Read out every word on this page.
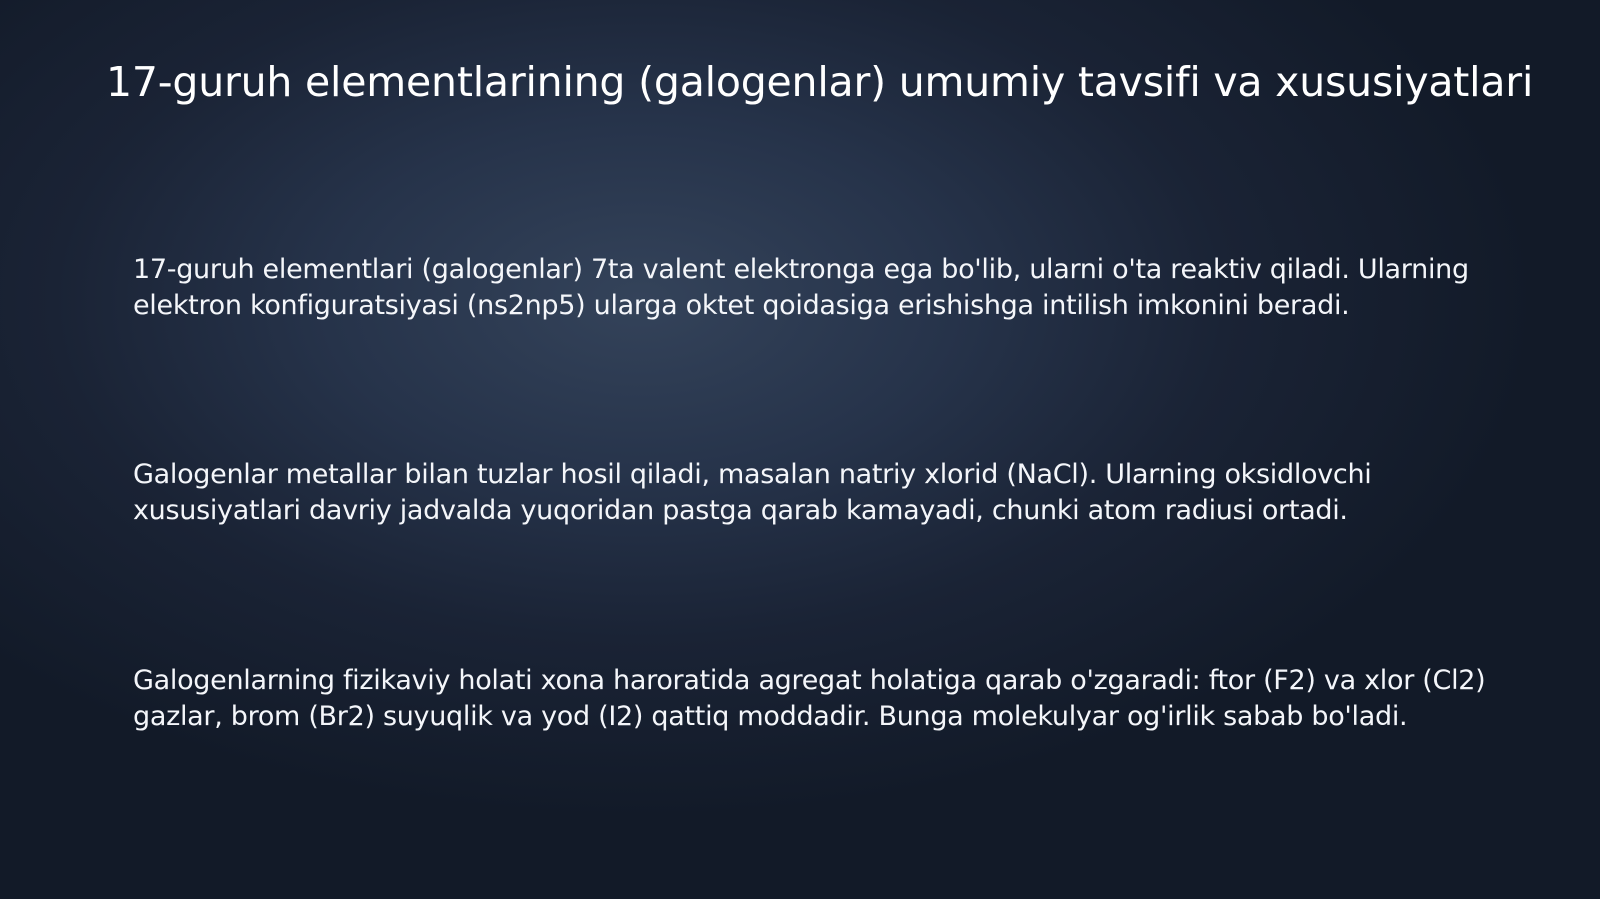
17-guruh elementlarining (galogenlar) umumiy tavsifi va xususiyatlari
17-guruh elementlari (galogenlar) 7ta valent elektronga ega bo'lib, ularni o'ta reaktiv qiladi. Ularning elektron konfiguratsiyasi (ns2np5) ularga oktet qoidasiga erishishga intilish imkonini beradi.
Galogenlar metallar bilan tuzlar hosil qiladi, masalan natriy xlorid (NaCl). Ularning oksidlovchi xususiyatlari davriy jadvalda yuqoridan pastga qarab kamayadi, chunki atom radiusi ortadi.
Galogenlarning fizikaviy holati xona haroratida agregat holatiga qarab o'zgaradi: ftor (F2) va xlor (Cl2) gazlar, brom (Br2) suyuqlik va yod (I2) qattiq moddadir. Bunga molekulyar og'irlik sabab bo'ladi.
